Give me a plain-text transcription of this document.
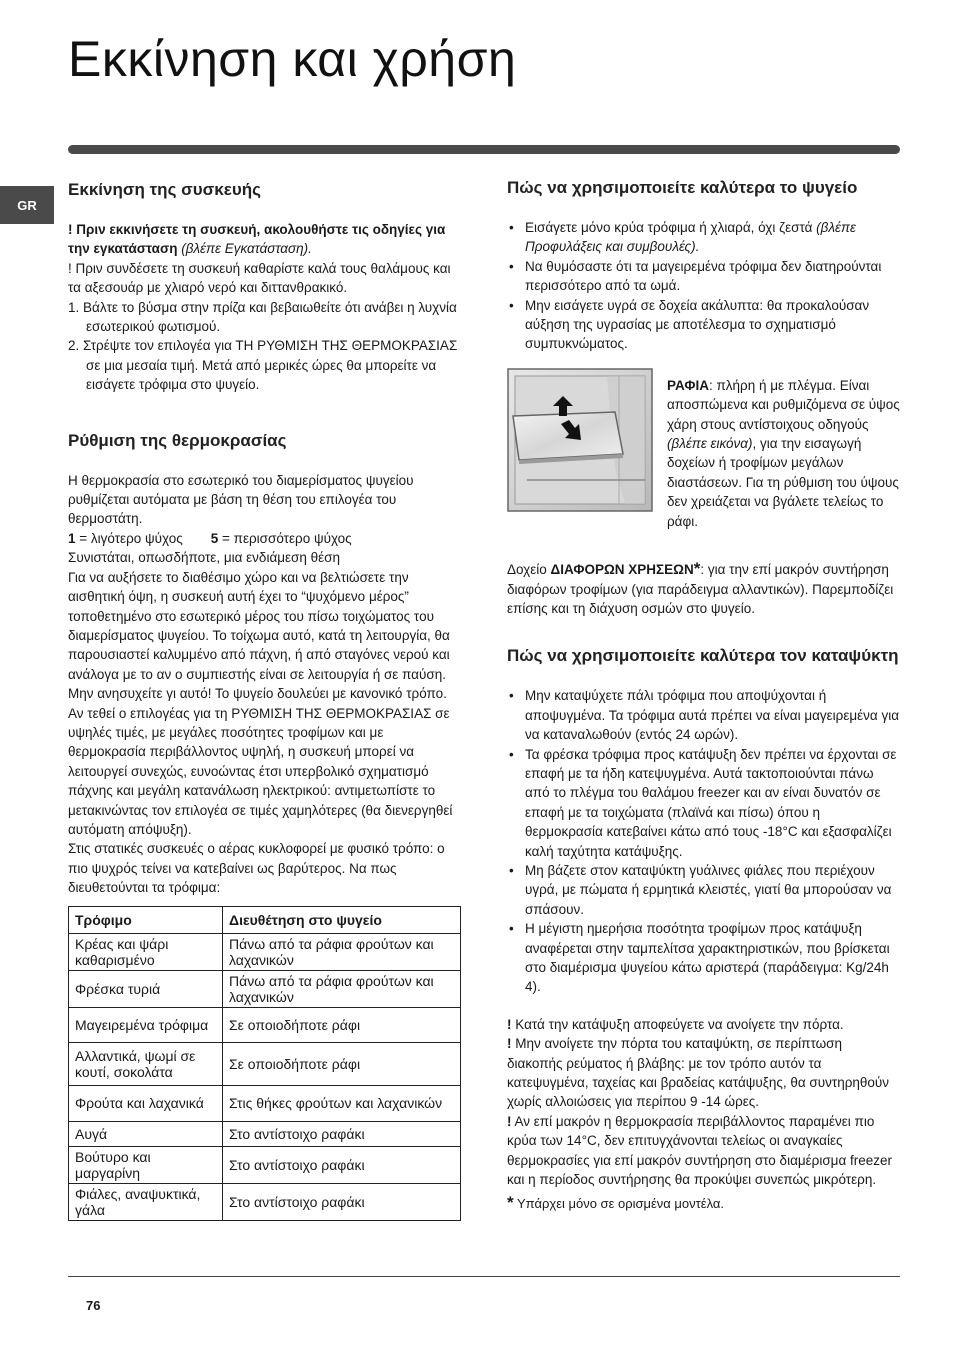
Εκκίνηση και χρήση
GR
Εκκίνηση της συσκευής

! Πριν εκκινήσετε τη συσκευή, ακολουθήστε τις οδηγίες για την εγκατάσταση (βλέπε Εγκατάσταση).

! Πριν συνδέσετε τη συσκευή καθαρίστε καλά τους θαλάμους και τα αξεσουάρ με χλιαρό νερό και διττανθρακικό.

1. Βάλτε το βύσμα στην πρίζα και βεβαιωθείτε ότι ανάβει η λυχνία εσωτερικού φωτισμού.
2. Στρέψτε τον επιλογέα για ΤΗ ΡΥΘΜΙΣΗ ΤΗΣ ΘΕΡΜΟΚΡΑΣΙΑΣ σε μια μεσαία τιμή. Μετά από μερικές ώρες θα μπορείτε να εισάγετε τρόφιμα στο ψυγείο.
Ρύθμιση της θερμοκρασίας

Η θερμοκρασία στο εσωτερικό του διαμερίσματος ψυγείου ρυθμίζεται αυτόματα με βάση τη θέση του επιλογέα του θερμοστάτη.

1 = λιγότερο ψύχος 5 = περισσότερο ψύχος

Συνιστάται, οπωσδήποτε, μια ενδιάμεση θέση

Για να αυξήσετε το διαθέσιμο χώρο και να βελτιώσετε την αισθητική όψη, η συσκευή αυτή έχει το “ψυχόμενο μέρος” τοποθετημένο στο εσωτερικό μέρος του πίσω τοιχώματος του διαμερίσματος ψυγείου. Το τοίχωμα αυτό, κατά τη λειτουργία, θα παρουσιαστεί καλυμμένο από πάχνη, ή από σταγόνες νερού και ανάλογα με το αν ο συμπιεστής είναι σε λειτουργία ή σε παύση. Μην ανησυχείτε γι αυτό! Το ψυγείο δουλεύει με κανονικό τρόπο.

Αν τεθεί ο επιλογέας για τη ΡΥΘΜΙΣΗ ΤΗΣ ΘΕΡΜΟΚΡΑΣΙΑΣ σε υψηλές τιμές, με μεγάλες ποσότητες τροφίμων και με θερμοκρασία περιβάλλοντος υψηλή, η συσκευή μπορεί να λειτουργεί συνεχώς, ευνοώντας έτσι υπερβολικό σχηματισμό πάχνης και μεγάλη κατανάλωση ηλεκτρικού: αντιμετωπίστε το μετακινώντας τον επιλογέα σε τιμές χαμηλότερες (θα διενεργηθεί αυτόματη απόψυξη).

Στις στατικές συσκευές ο αέρας κυκλοφορεί με φυσικό τρόπο: ο πιο ψυχρός τείνει να κατεβαίνει ως βαρύτερος. Να πως διευθετούνται τα τρόφιμα:

Τρόφιμο	Διευθέτηση στο ψυγείο
Κρέας και ψάρι καθαρισμένο	Πάνω από τα ράφια φρούτων και λαχανικών
Φρέσκα τυριά	Πάνω από τα ράφια φρούτων και λαχανικών
Μαγειρεμένα τρόφιμα	Σε οποιοδήποτε ράφι
Αλλαντικά, ψωμί σε κουτί, σοκολάτα	Σε οποιοδήποτε ράφι
Φρούτα και λαχανικά	Στις θήκες φρούτων και λαχανικών
Αυγά	Στο αντίστοιχο ραφάκι
Βούτυρο και μαργαρίνη	Στο αντίστοιχο ραφάκι
Φιάλες, αναψυκτικά, γάλα	Στο αντίστοιχο ραφάκι
Πώς να χρησιμοποιείτε καλύτερα το ψυγείο
• Εισάγετε μόνο κρύα τρόφιμα ή χλιαρά, όχι ζεστά (βλέπε Προφυλάξεις και συμβουλές).
• Να θυμόσαστε ότι τα μαγειρεμένα τρόφιμα δεν διατηρούνται περισσότερο από τα ωμά.
• Μην εισάγετε υγρά σε δοχεία ακάλυπτα: θα προκαλούσαν αύξηση της υγρασίας με αποτέλεσμα το σχηματισμό συμπυκνώματος.

ΡΑΦΙΑ: πλήρη ή με πλέγμα. Είναι αποσπώμενα και ρυθμιζόμενα σε ύψος χάρη στους αντίστοιχους οδηγούς (βλέπε εικόνα), για την εισαγωγή δοχείων ή τροφίμων μεγάλων διαστάσεων. Για τη ρύθμιση του ύψους δεν χρειάζεται να βγάλετε τελείως το ράφι.

Δοχείο ΔΙΑΦΟΡΩΝ ΧΡΗΣΕΩΝ*: για την επί μακρόν συντήρηση διαφόρων τροφίμων (για παράδειγμα αλλαντικών). Παρεμποδίζει επίσης και τη διάχυση οσμών στο ψυγείο.

Πώς να χρησιμοποιείτε καλύτερα τον καταψύκτη
• Μην καταψύχετε πάλι τρόφιμα που αποψύχονται ή αποψυγμένα. Τα τρόφιμα αυτά πρέπει να είναι μαγειρεμένα για να καταναλωθούν (εντός 24 ωρών).
• Τα φρέσκα τρόφιμα προς κατάψυξη δεν πρέπει να έρχονται σε επαφή με τα ήδη κατεψυγμένα. Αυτά τακτοποιούνται πάνω από το πλέγμα του θαλάμου freezer και αν είναι δυνατόν σε επαφή με τα τοιχώματα (πλαϊνά και πίσω) όπου η θερμοκρασία κατεβαίνει κάτω από τους -18°C και εξασφαλίζει καλή ταχύτητα κατάψυξης.
• Μη βάζετε στον καταψύκτη γυάλινες φιάλες που περιέχουν υγρά, με πώματα ή ερμητικά κλειστές, γιατί θα μπορούσαν να σπάσουν.
• Η μέγιστη ημερήσια ποσότητα τροφίμων προς κατάψυξη αναφέρεται στην ταμπελίτσα χαρακτηριστικών, που βρίσκεται στο διαμέρισμα ψυγείου κάτω αριστερά (παράδειγμα: Kg/24h 4).

! Κατά την κατάψυξη αποφεύγετε να ανοίγετε την πόρτα.

! Μην ανοίγετε την πόρτα του καταψύκτη, σε περίπτωση διακοπής ρεύματος ή βλάβης: με τον τρόπο αυτόν τα κατεψυγμένα, ταχείας και βραδείας κατάψυξης, θα συντηρηθούν χωρίς αλλοιώσεις για περίπου 9 -14 ώρες.

! Αν επί μακρόν η θερμοκρασία περιβάλλοντος παραμένει πιο κρύα των 14°C, δεν επιτυγχάνονται τελείως οι αναγκαίες θερμοκρασίες για επί μακρόν συντήρηση στο διαμέρισμα freezer και η περίοδος συντήρησης θα προκύψει συνεπώς μικρότερη.

* Υπάρχει μόνο σε ορισμένα μοντέλα.

76
